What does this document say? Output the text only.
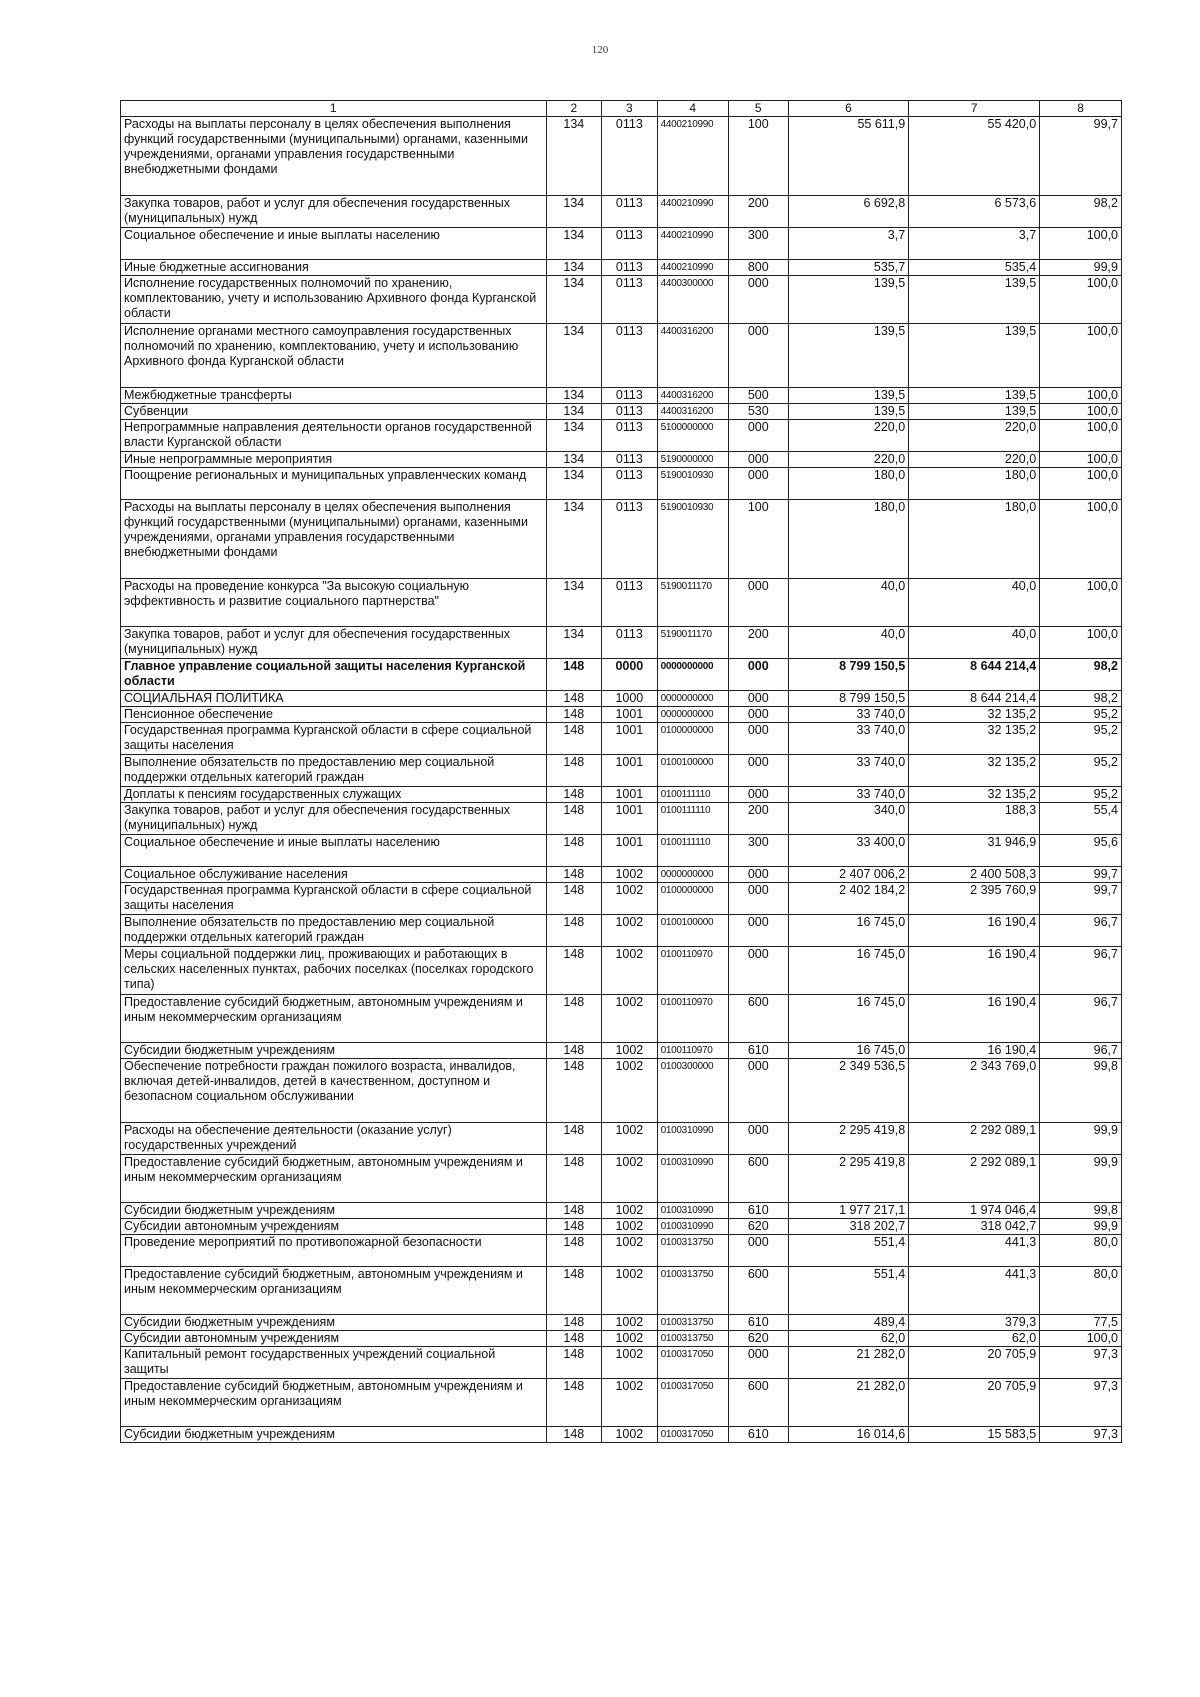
120
1	2	3	4	5	6	7	8
Расходы на выплаты персоналу в целях обеспечения выполнения функций государственными (муниципальными) органами, казенными учреждениями, органами управления государственными внебюджетными фондами	134	0113	4400210990	100	55 611,9	55 420,0	99,7
Закупка товаров, работ и услуг для обеспечения государственных (муниципальных) нужд	134	0113	4400210990	200	6 692,8	6 573,6	98,2
Социальное обеспечение и иные выплаты населению	134	0113	4400210990	300	3,7	3,7	100,0
Иные бюджетные ассигнования	134	0113	4400210990	800	535,7	535,4	99,9
Исполнение государственных полномочий по хранению, комплектованию, учету и использованию Архивного фонда Курганской области	134	0113	4400300000	000	139,5	139,5	100,0
Исполнение органами местного самоуправления государственных полномочий по хранению, комплектованию, учету и использованию Архивного фонда Курганской области	134	0113	4400316200	000	139,5	139,5	100,0
Межбюджетные трансферты	134	0113	4400316200	500	139,5	139,5	100,0
Субвенции	134	0113	4400316200	530	139,5	139,5	100,0
Непрограммные направления деятельности органов государственной власти Курганской области	134	0113	5100000000	000	220,0	220,0	100,0
Иные непрограммные мероприятия	134	0113	5190000000	000	220,0	220,0	100,0
Поощрение региональных и муниципальных управленческих команд	134	0113	5190010930	000	180,0	180,0	100,0
Расходы на выплаты персоналу в целях обеспечения выполнения функций государственными (муниципальными) органами, казенными учреждениями, органами управления государственными внебюджетными фондами	134	0113	5190010930	100	180,0	180,0	100,0
Расходы на проведение конкурса "За высокую социальную эффективность и развитие социального партнерства"	134	0113	5190011170	000	40,0	40,0	100,0
Закупка товаров, работ и услуг для обеспечения государственных (муниципальных) нужд	134	0113	5190011170	200	40,0	40,0	100,0
Главное управление социальной защиты населения Курганской области	148	0000	0000000000	000	8 799 150,5	8 644 214,4	98,2
СОЦИАЛЬНАЯ ПОЛИТИКА	148	1000	0000000000	000	8 799 150,5	8 644 214,4	98,2
Пенсионное обеспечение	148	1001	0000000000	000	33 740,0	32 135,2	95,2
Государственная программа Курганской области в сфере социальной защиты населения	148	1001	0100000000	000	33 740,0	32 135,2	95,2
Выполнение обязательств по предоставлению мер социальной поддержки отдельных категорий граждан	148	1001	0100100000	000	33 740,0	32 135,2	95,2
Доплаты к пенсиям государственных служащих	148	1001	0100111110	000	33 740,0	32 135,2	95,2
Закупка товаров, работ и услуг для обеспечения государственных (муниципальных) нужд	148	1001	0100111110	200	340,0	188,3	55,4
Социальное обеспечение и иные выплаты населению	148	1001	0100111110	300	33 400,0	31 946,9	95,6
Социальное обслуживание населения	148	1002	0000000000	000	2 407 006,2	2 400 508,3	99,7
Государственная программа Курганской области в сфере социальной защиты населения	148	1002	0100000000	000	2 402 184,2	2 395 760,9	99,7
Выполнение обязательств по предоставлению мер социальной поддержки отдельных категорий граждан	148	1002	0100100000	000	16 745,0	16 190,4	96,7
Меры социальной поддержки лиц, проживающих и работающих в сельских населенных пунктах, рабочих поселках (поселках городского типа)	148	1002	0100110970	000	16 745,0	16 190,4	96,7
Предоставление субсидий бюджетным, автономным учреждениям и иным некоммерческим организациям	148	1002	0100110970	600	16 745,0	16 190,4	96,7
Субсидии бюджетным учреждениям	148	1002	0100110970	610	16 745,0	16 190,4	96,7
Обеспечение потребности граждан пожилого возраста, инвалидов, включая детей-инвалидов, детей в качественном, доступном и безопасном социальном обслуживании	148	1002	0100300000	000	2 349 536,5	2 343 769,0	99,8
Расходы на обеспечение деятельности (оказание услуг) государственных учреждений	148	1002	0100310990	000	2 295 419,8	2 292 089,1	99,9
Предоставление субсидий бюджетным, автономным учреждениям и иным некоммерческим организациям	148	1002	0100310990	600	2 295 419,8	2 292 089,1	99,9
Субсидии бюджетным учреждениям	148	1002	0100310990	610	1 977 217,1	1 974 046,4	99,8
Субсидии автономным учреждениям	148	1002	0100310990	620	318 202,7	318 042,7	99,9
Проведение мероприятий по противопожарной безопасности	148	1002	0100313750	000	551,4	441,3	80,0
Предоставление субсидий бюджетным, автономным учреждениям и иным некоммерческим организациям	148	1002	0100313750	600	551,4	441,3	80,0
Субсидии бюджетным учреждениям	148	1002	0100313750	610	489,4	379,3	77,5
Субсидии автономным учреждениям	148	1002	0100313750	620	62,0	62,0	100,0
Капитальный ремонт государственных учреждений социальной защиты	148	1002	0100317050	000	21 282,0	20 705,9	97,3
Предоставление субсидий бюджетным, автономным учреждениям и иным некоммерческим организациям	148	1002	0100317050	600	21 282,0	20 705,9	97,3
Субсидии бюджетным учреждениям	148	1002	0100317050	610	16 014,6	15 583,5	97,3
